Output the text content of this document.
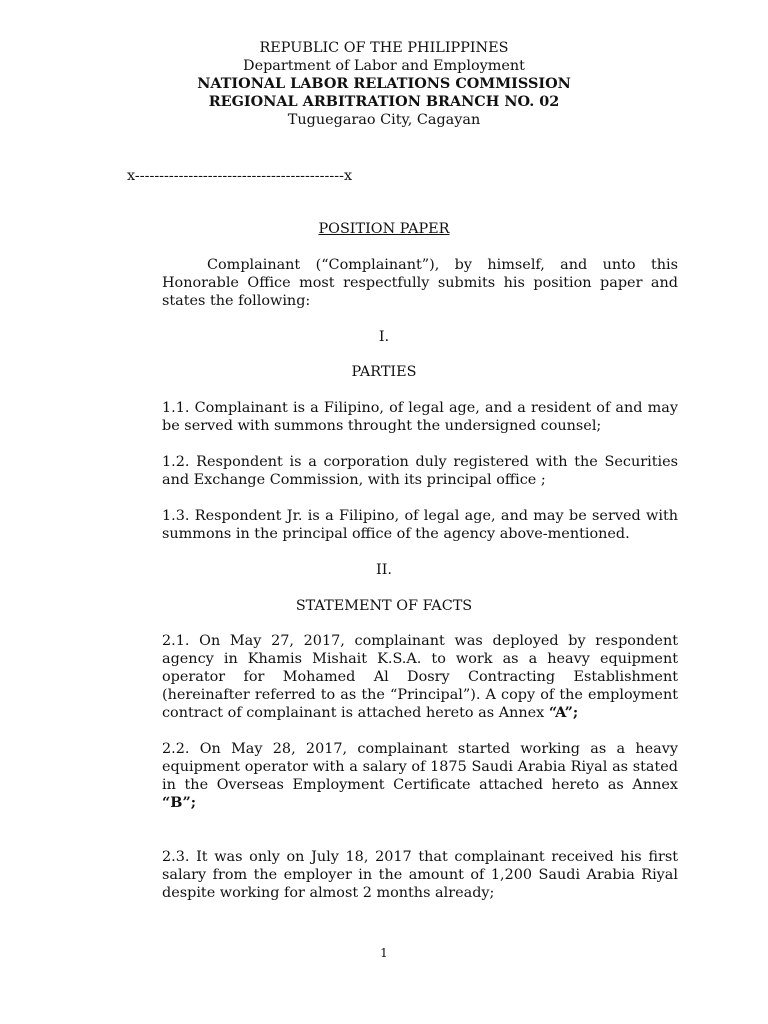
REPUBLIC OF THE PHILIPPINES
Department of Labor and Employment
NATIONAL LABOR RELATIONS COMMISSION
REGIONAL ARBITRATION BRANCH NO. 02
Tuguegarao City, Cagayan
x-------------------------------------------x
POSITION PAPER

Complainant (“Complainant”), by himself, and unto this Honorable Office most respectfully submits his position paper and states the following:

I.
PARTIES

1.1. Complainant is a Filipino, of legal age, and a resident of and may be served with summons throught the undersigned counsel;

1.2. Respondent is a corporation duly registered with the Securities and Exchange Commission, with its principal office ;

1.3. Respondent Jr. is a Filipino, of legal age, and may be served with summons in the principal office of the agency above-mentioned.

II.
STATEMENT OF FACTS

2.1. On May 27, 2017, complainant was deployed by respondent agency in Khamis Mishait K.S.A. to work as a heavy equipment operator for Mohamed Al Dosry Contracting Establishment (hereinafter referred to as the “Principal”). A copy of the employment contract of complainant is attached hereto as Annex “A”;

2.2. On May 28, 2017, complainant started working as a heavy equipment operator with a salary of 1875 Saudi Arabia Riyal as stated in the Overseas Employment Certificate attached hereto as Annex “B”;

2.3. It was only on July 18, 2017 that complainant received his first salary from the employer in the amount of 1,200 Saudi Arabia Riyal despite working for almost 2 months already;

1
